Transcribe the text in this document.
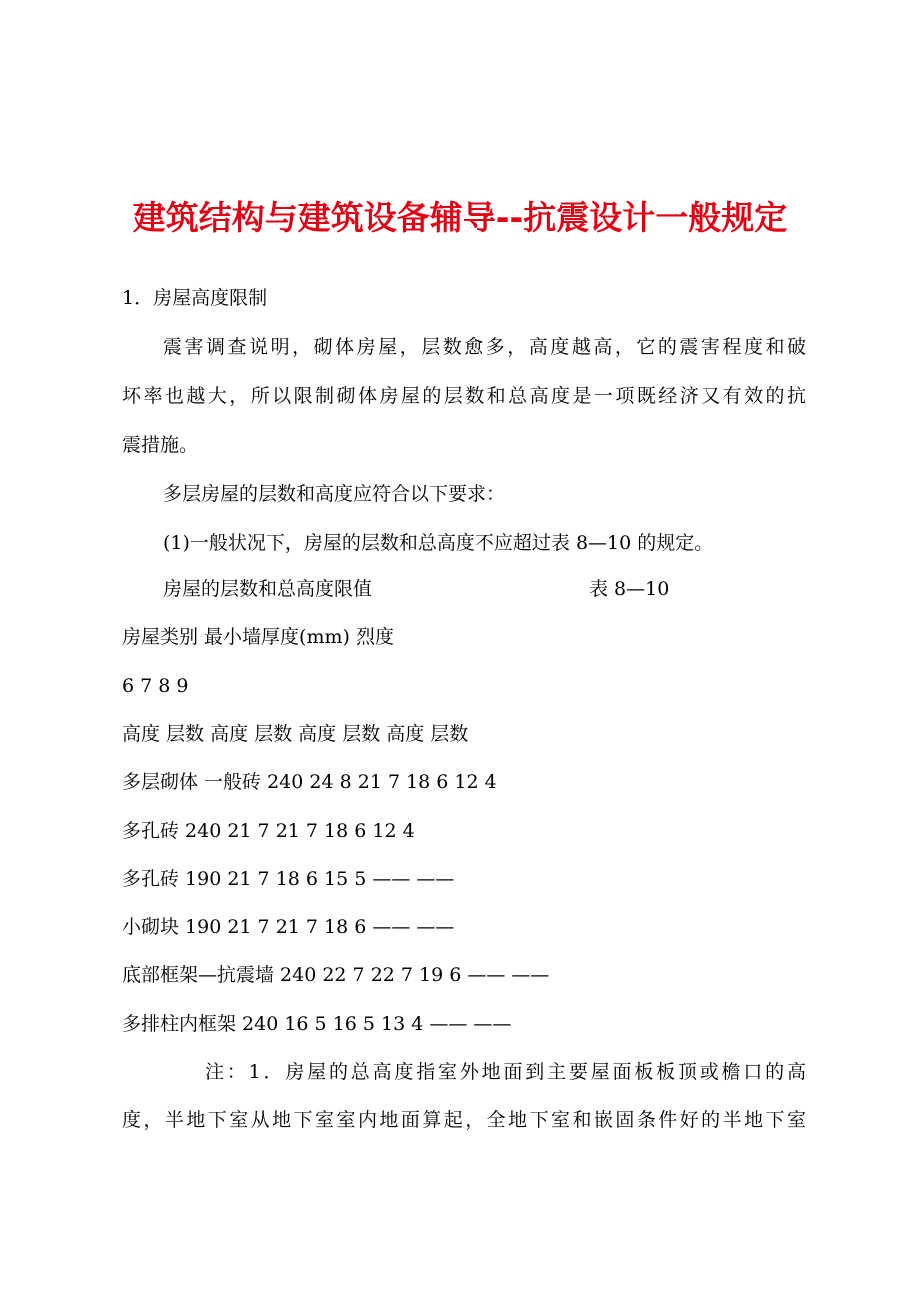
建筑结构与建筑设备辅导--抗震设计一般规定
1．房屋高度限制
震害调查说明，砌体房屋，层数愈多，高度越高，它的震害程度和破
坏率也越大，所以限制砌体房屋的层数和总高度是一项既经济又有效的抗
震措施。
多层房屋的层数和高度应符合以下要求：
(1)一般状况下，房屋的层数和总高度不应超过表 8—10 的规定。
房屋的层数和总高度限值	表 8—10
房屋类别 最小墙厚度(mm) 烈度
6 7 8 9
高度 层数 高度 层数 高度 层数 高度 层数
多层砌体 一般砖 240 24 8 21 7 18 6 12 4
多孔砖 240 21 7 21 7 18 6 12 4
多孔砖 190 21 7 18 6 15 5 —— ——
小砌块 190 21 7 21 7 18 6 —— ——
底部框架—抗震墙 240 22 7 22 7 19 6 —— ——
多排柱内框架 240 16 5 16 5 13 4 —— ——
注：1．房屋的总高度指室外地面到主要屋面板板顶或檐口的高
度，半地下室从地下室室内地面算起，全地下室和嵌固条件好的半地下室
